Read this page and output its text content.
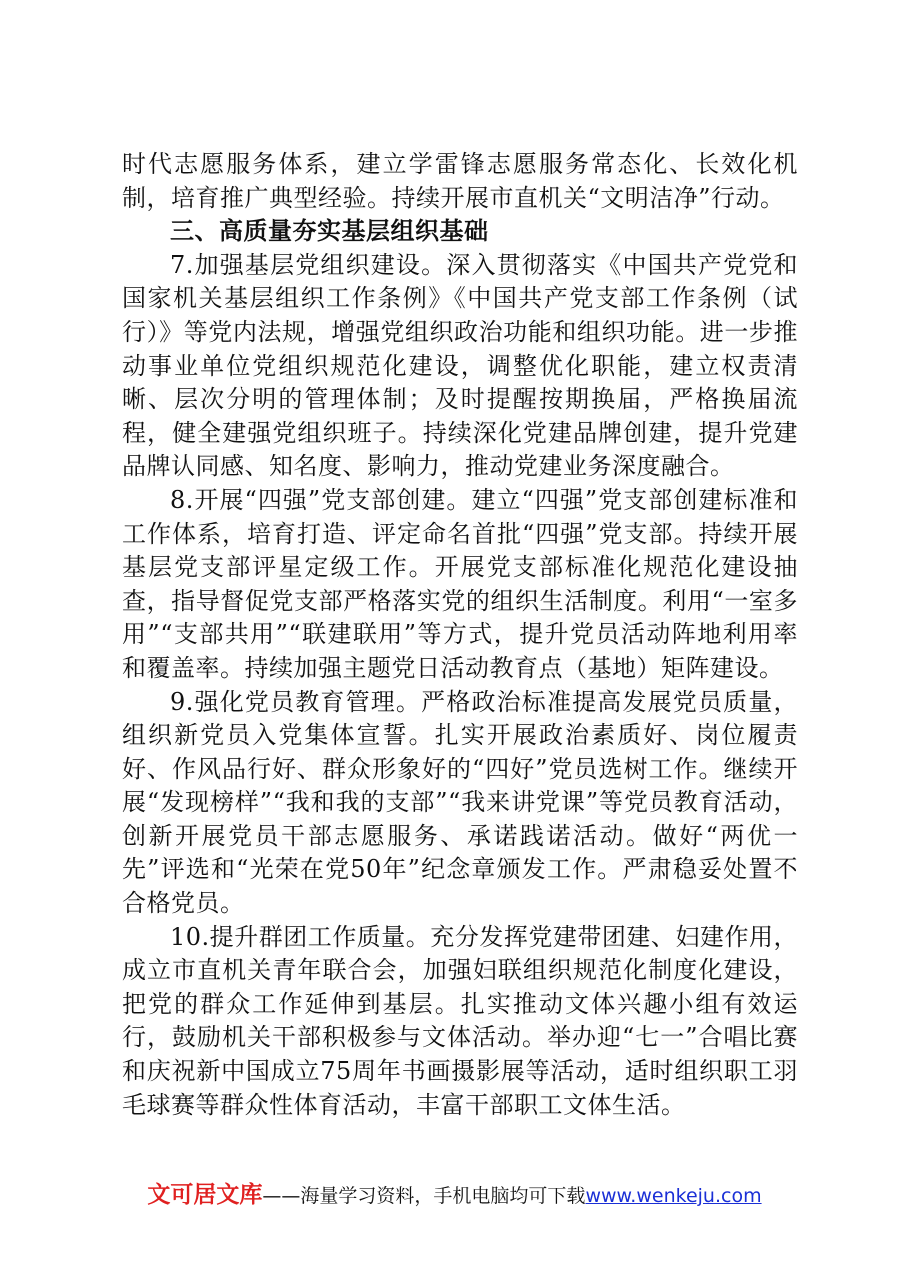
时代志愿服务体系，建立学雷锋志愿服务常态化、长效化机制，培育推广典型经验。持续开展市直机关“文明洁净”行动。

三、高质量夯实基层组织基础

7.加强基层党组织建设。深入贯彻落实《中国共产党党和国家机关基层组织工作条例》《中国共产党支部工作条例（试行）》等党内法规，增强党组织政治功能和组织功能。进一步推动事业单位党组织规范化建设，调整优化职能，建立权责清晰、层次分明的管理体制；及时提醒按期换届，严格换届流程，健全建强党组织班子。持续深化党建品牌创建，提升党建品牌认同感、知名度、影响力，推动党建业务深度融合。

8.开展“四强”党支部创建。建立“四强”党支部创建标准和工作体系，培育打造、评定命名首批“四强”党支部。持续开展基层党支部评星定级工作。开展党支部标准化规范化建设抽查，指导督促党支部严格落实党的组织生活制度。利用“一室多用”“支部共用”“联建联用”等方式，提升党员活动阵地利用率和覆盖率。持续加强主题党日活动教育点（基地）矩阵建设。

9.强化党员教育管理。严格政治标准提高发展党员质量，组织新党员入党集体宣誓。扎实开展政治素质好、岗位履责好、作风品行好、群众形象好的“四好”党员选树工作。继续开展“发现榜样”“我和我的支部”“我来讲党课”等党员教育活动，创新开展党员干部志愿服务、承诺践诺活动。做好“两优一先”评选和“光荣在党50年”纪念章颁发工作。严肃稳妥处置不合格党员。

10.提升群团工作质量。充分发挥党建带团建、妇建作用，成立市直机关青年联合会，加强妇联组织规范化制度化建设，把党的群众工作延伸到基层。扎实推动文体兴趣小组有效运行，鼓励机关干部积极参与文体活动。举办迎“七一”合唱比赛和庆祝新中国成立75周年书画摄影展等活动，适时组织职工羽毛球赛等群众性体育活动，丰富干部职工文体生活。

文可居文库——海量学习资料，手机电脑均可下载www.wenkeju.com
